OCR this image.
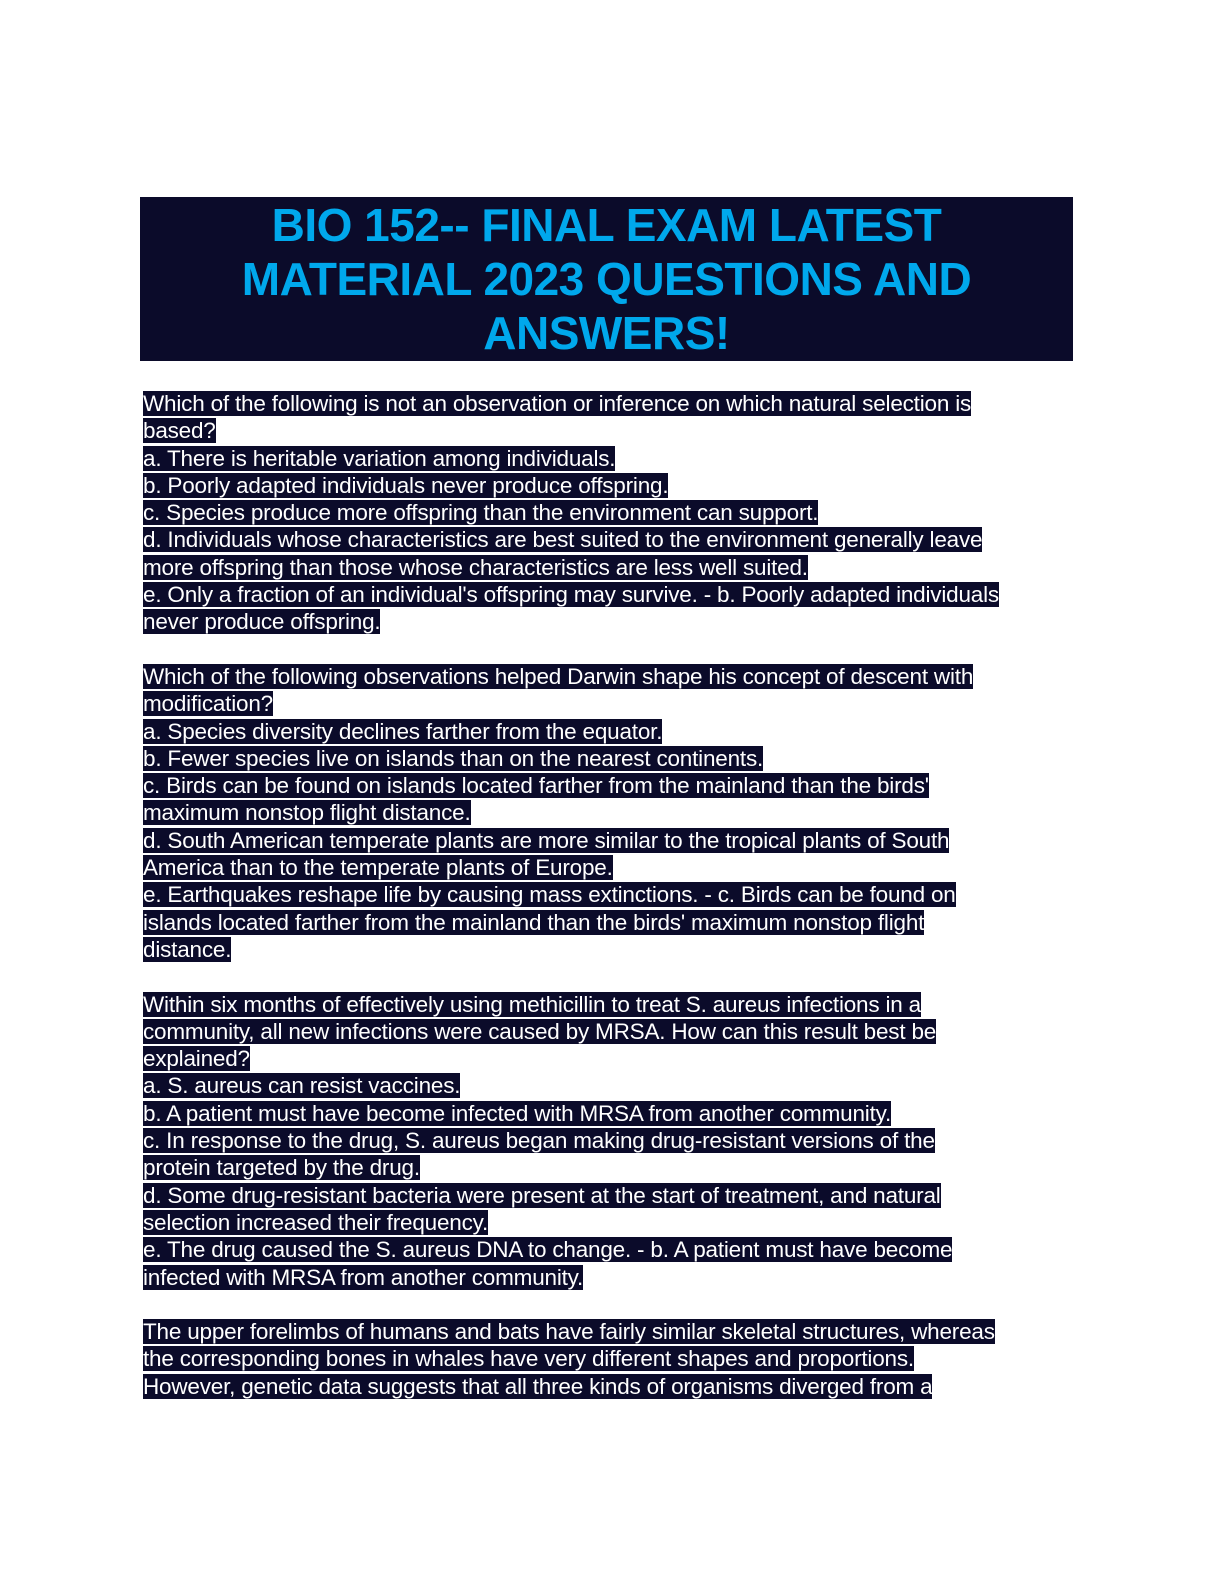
BIO 152-- FINAL EXAM LATEST
MATERIAL 2023 QUESTIONS AND
ANSWERS!
Which of the following is not an observation or inference on which natural selection is
based?
a. There is heritable variation among individuals.
b. Poorly adapted individuals never produce offspring.
c. Species produce more offspring than the environment can support.
d. Individuals whose characteristics are best suited to the environment generally leave
more offspring than those whose characteristics are less well suited.
e. Only a fraction of an individual's offspring may survive. - b. Poorly adapted individuals
never produce offspring.
Which of the following observations helped Darwin shape his concept of descent with
modification?
a. Species diversity declines farther from the equator.
b. Fewer species live on islands than on the nearest continents.
c. Birds can be found on islands located farther from the mainland than the birds'
maximum nonstop flight distance.
d. South American temperate plants are more similar to the tropical plants of South
America than to the temperate plants of Europe.
e. Earthquakes reshape life by causing mass extinctions. - c. Birds can be found on
islands located farther from the mainland than the birds' maximum nonstop flight
distance.
Within six months of effectively using methicillin to treat S. aureus infections in a
community, all new infections were caused by MRSA. How can this result best be
explained?
a. S. aureus can resist vaccines.
b. A patient must have become infected with MRSA from another community.
c. In response to the drug, S. aureus began making drug-resistant versions of the
protein targeted by the drug.
d. Some drug-resistant bacteria were present at the start of treatment, and natural
selection increased their frequency.
e. The drug caused the S. aureus DNA to change. - b. A patient must have become
infected with MRSA from another community.
The upper forelimbs of humans and bats have fairly similar skeletal structures, whereas
the corresponding bones in whales have very different shapes and proportions.
However, genetic data suggests that all three kinds of organisms diverged from a
